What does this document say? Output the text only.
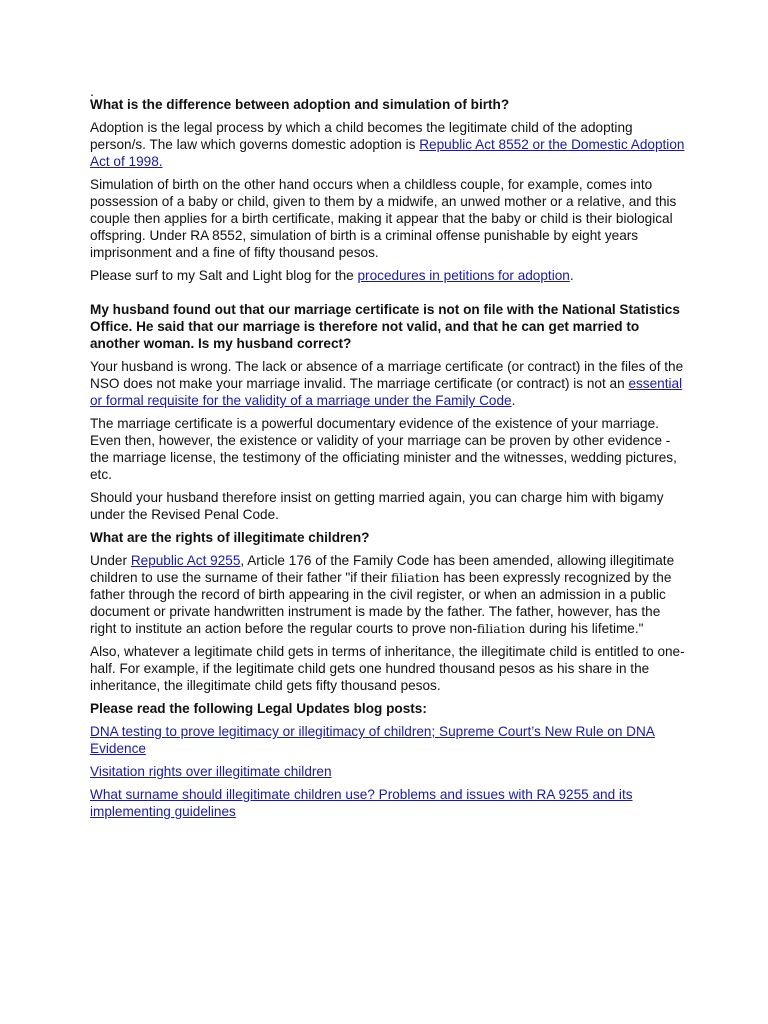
.
What is the difference between adoption and simulation of birth?

Adoption is the legal process by which a child becomes the legitimate child of the adopting person/s. The law which governs domestic adoption is Republic Act 8552 or the Domestic Adoption Act of 1998.

Simulation of birth on the other hand occurs when a childless couple, for example, comes into possession of a baby or child, given to them by a midwife, an unwed mother or a relative, and this couple then applies for a birth certificate, making it appear that the baby or child is their biological offspring. Under RA 8552, simulation of birth is a criminal offense punishable by eight years imprisonment and a fine of fifty thousand pesos.

Please surf to my Salt and Light blog for the procedures in petitions for adoption.

My husband found out that our marriage certificate is not on file with the National Statistics Office. He said that our marriage is therefore not valid, and that he can get married to another woman. Is my husband correct?

Your husband is wrong. The lack or absence of a marriage certificate (or contract) in the files of the NSO does not make your marriage invalid. The marriage certificate (or contract) is not an essential or formal requisite for the validity of a marriage under the Family Code.

The marriage certificate is a powerful documentary evidence of the existence of your marriage. Even then, however, the existence or validity of your marriage can be proven by other evidence - the marriage license, the testimony of the officiating minister and the witnesses, wedding pictures, etc.

Should your husband therefore insist on getting married again, you can charge him with bigamy under the Revised Penal Code.

What are the rights of illegitimate children?

Under Republic Act 9255, Article 176 of the Family Code has been amended, allowing illegitimate children to use the surname of their father "if their filiation has been expressly recognized by the father through the record of birth appearing in the civil register, or when an admission in a public document or private handwritten instrument is made by the father. The father, however, has the right to institute an action before the regular courts to prove non-filiation during his lifetime."

Also, whatever a legitimate child gets in terms of inheritance, the illegitimate child is entitled to one-half. For example, if the legitimate child gets one hundred thousand pesos as his share in the inheritance, the illegitimate child gets fifty thousand pesos.

Please read the following Legal Updates blog posts:

DNA testing to prove legitimacy or illegitimacy of children; Supreme Court’s New Rule on DNA Evidence

Visitation rights over illegitimate children

What surname should illegitimate children use? Problems and issues with RA 9255 and its implementing guidelines
